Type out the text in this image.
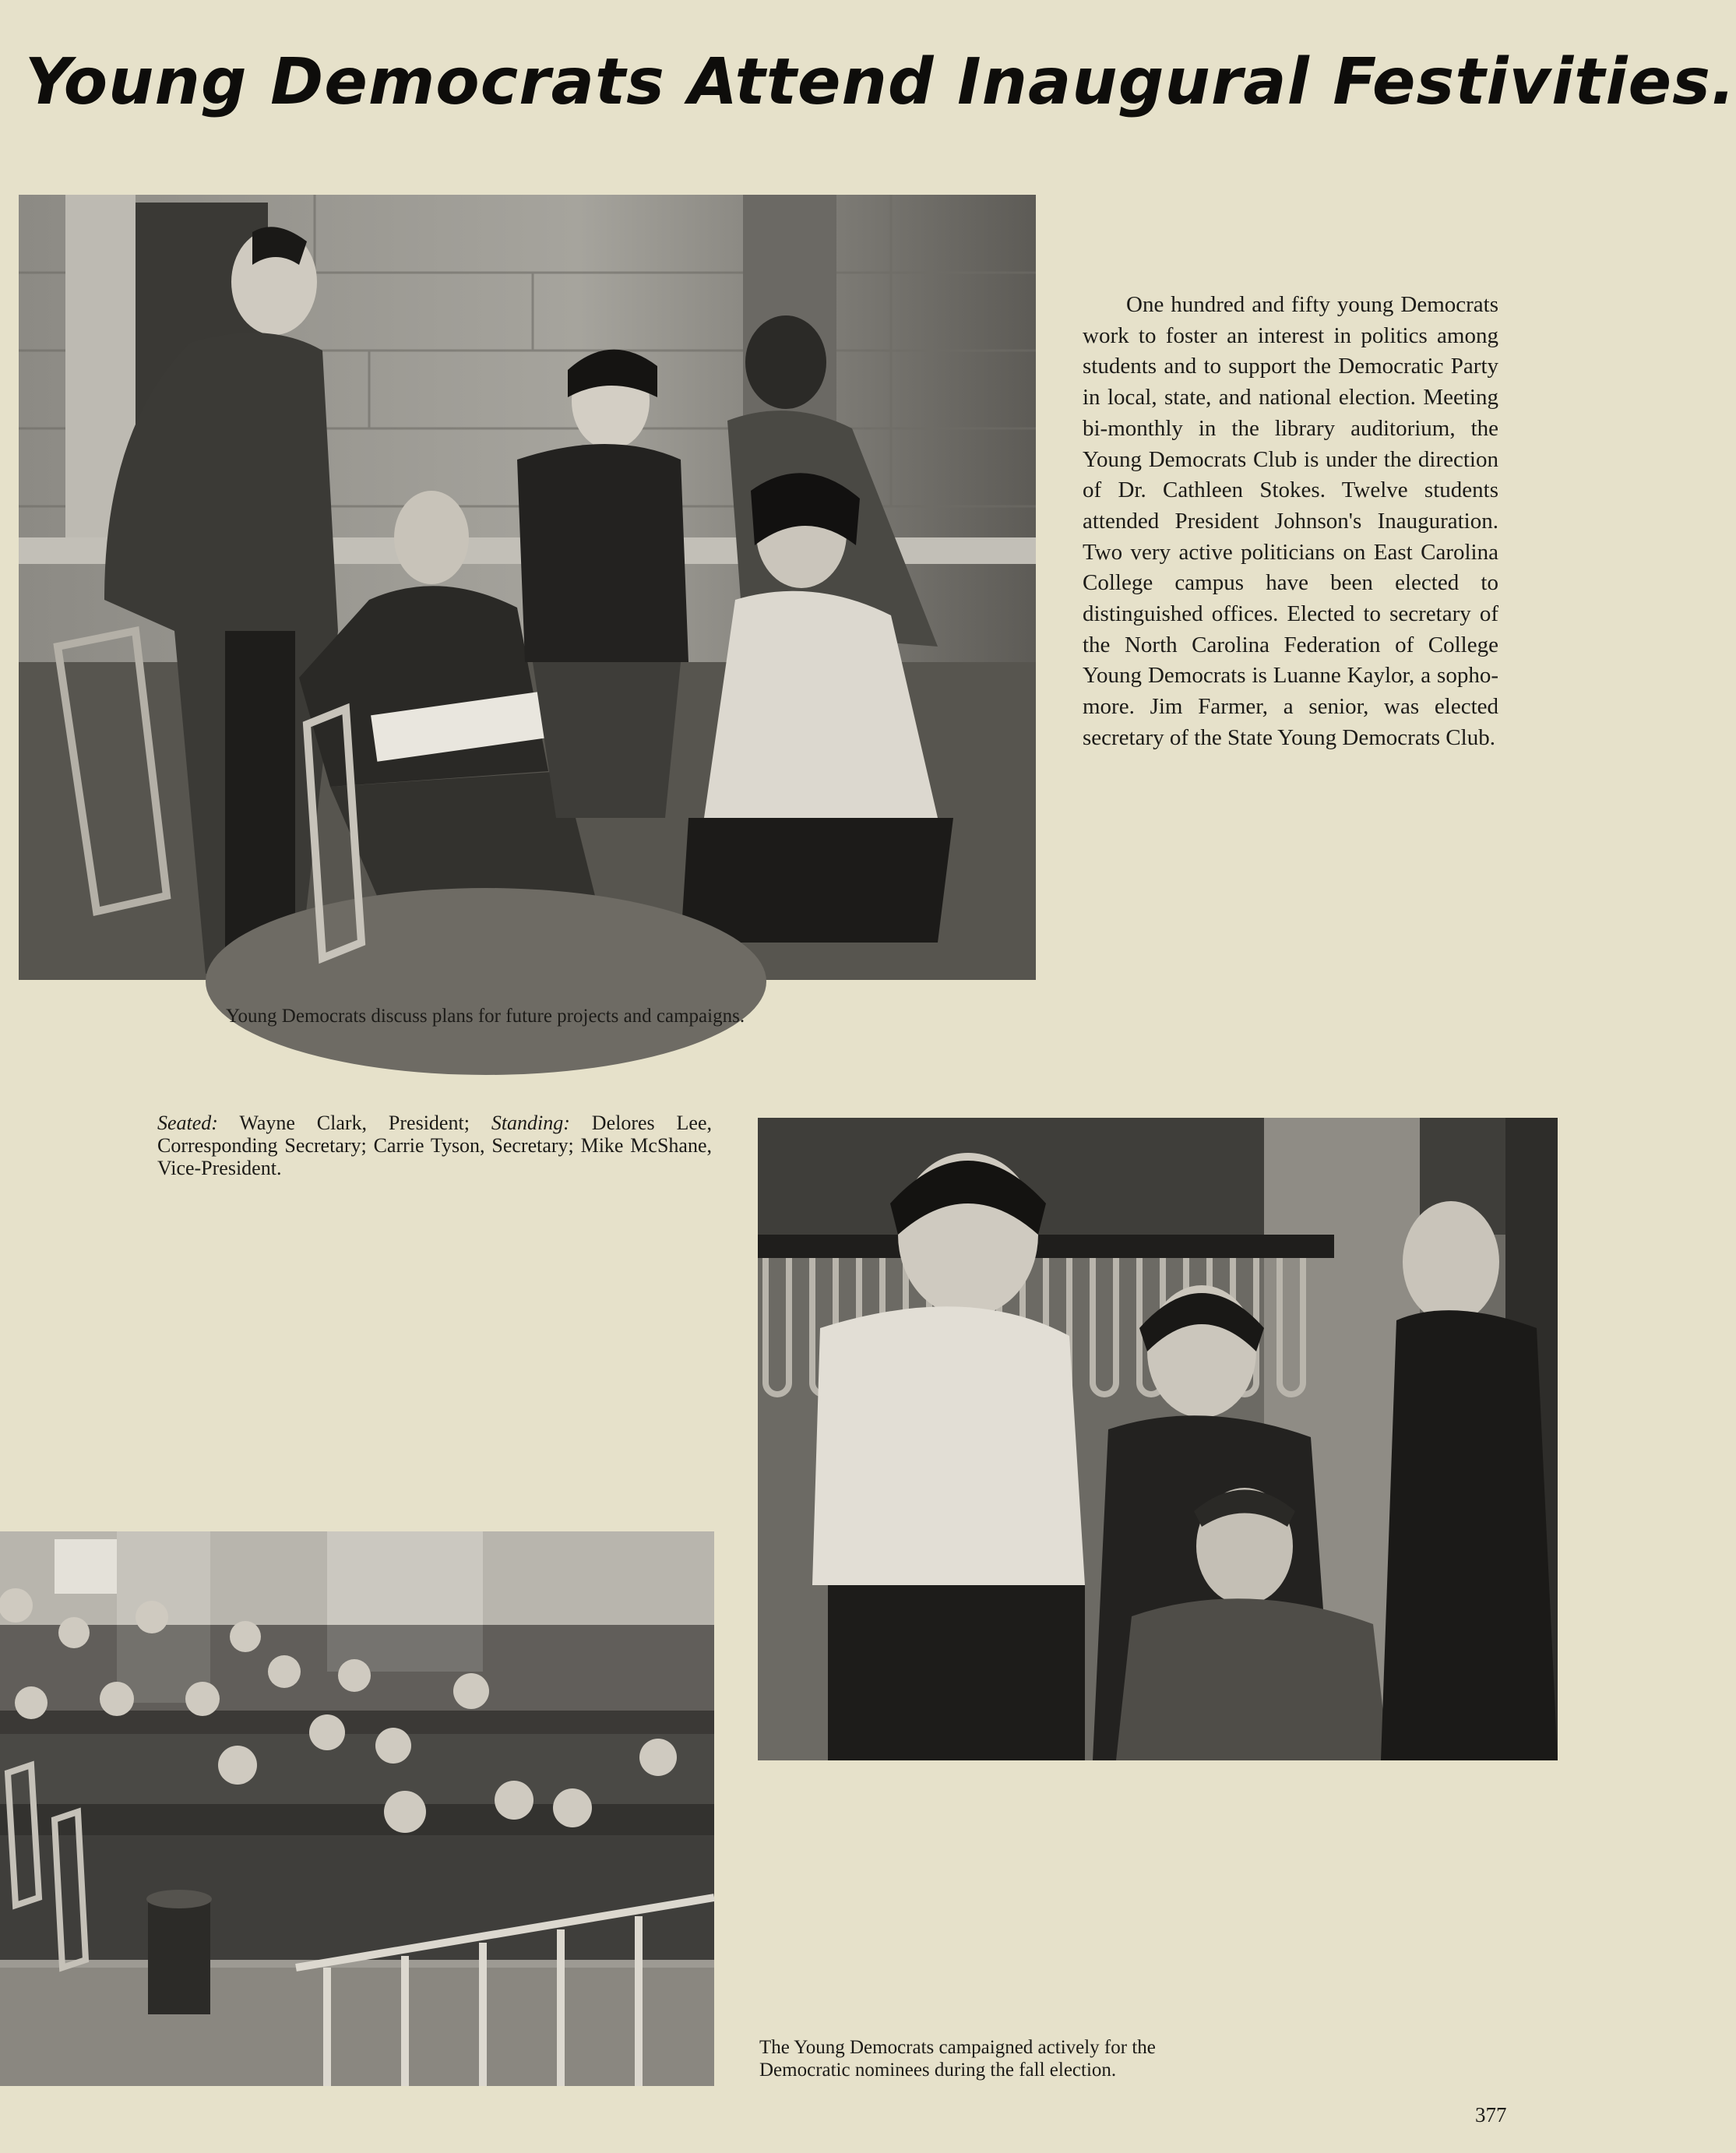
Young Democrats Attend Inaugural Festivities.

One hundred and fifty young Democrats work to foster an interest in politics among students and to support the Democratic Party in local, state, and national election. Meeting bi-monthly in the library auditorium, the Young Democrats Club is under the direction of Dr. Cathleen Stokes. Twelve students attended President Johnson's Inauguration. Two very active politicians on East Carolina College campus have been elected to distinguished offices. Elected to secretary of the North Carolina Federation of College Young Democrats is Luanne Kaylor, a sophomore. Jim Farmer, a senior, was elected secretary of the State Young Democrats Club.

Young Democrats discuss plans for future projects and campaigns.

Seated: Wayne Clark, President; Standing: Delores Lee, Corresponding Secretary; Carrie Tyson, Secretary; Mike McShane, Vice-President.

The Young Democrats campaigned actively for the Democratic nominees during the fall election.

377
